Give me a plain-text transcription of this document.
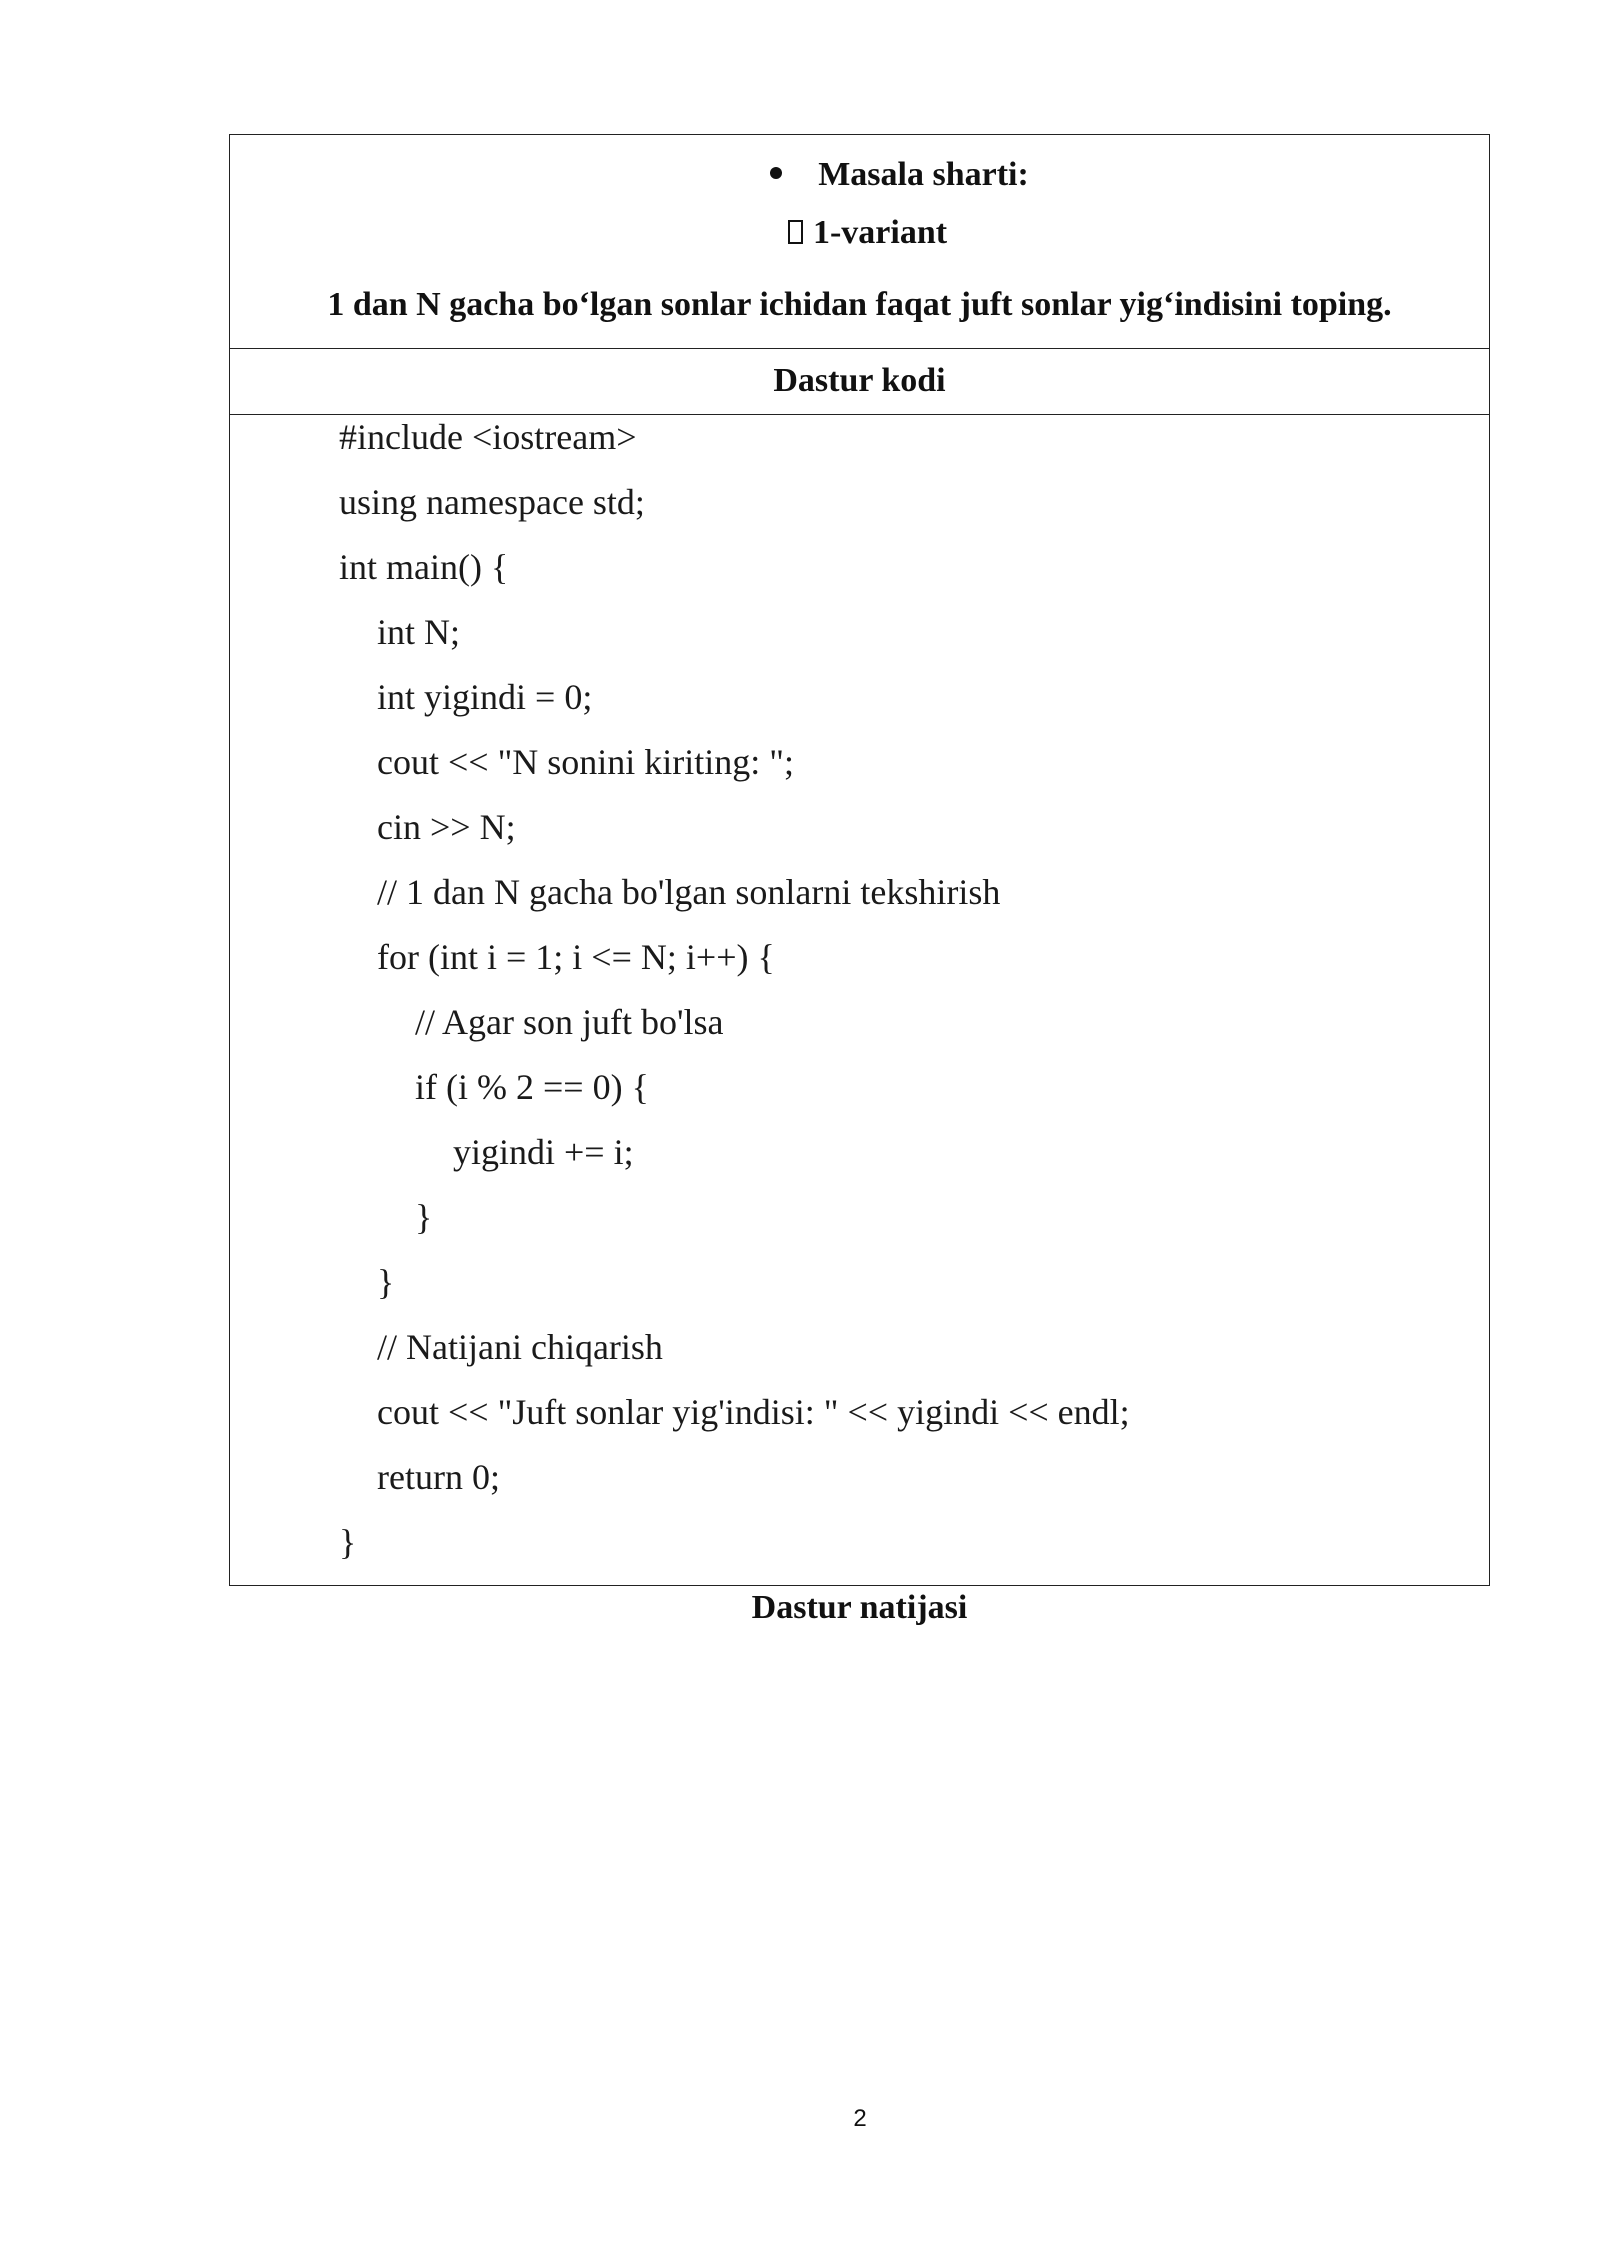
Masala sharti:
1-variant
1 dan N gacha bo‘lgan sonlar ichidan faqat juft sonlar yig‘indisini toping.
Dastur kodi
#include <iostream>
using namespace std;
int main() {
int N;
int yigindi = 0;
cout << "N sonini kiriting: ";
cin >> N;
// 1 dan N gacha bo'lgan sonlarni tekshirish
for (int i = 1; i <= N; i++) {
// Agar son juft bo'lsa
if (i % 2 == 0) {
yigindi += i;
}
}
// Natijani chiqarish
cout << "Juft sonlar yig'indisi: " << yigindi << endl;
return 0;
}
Dastur natijasi
2
